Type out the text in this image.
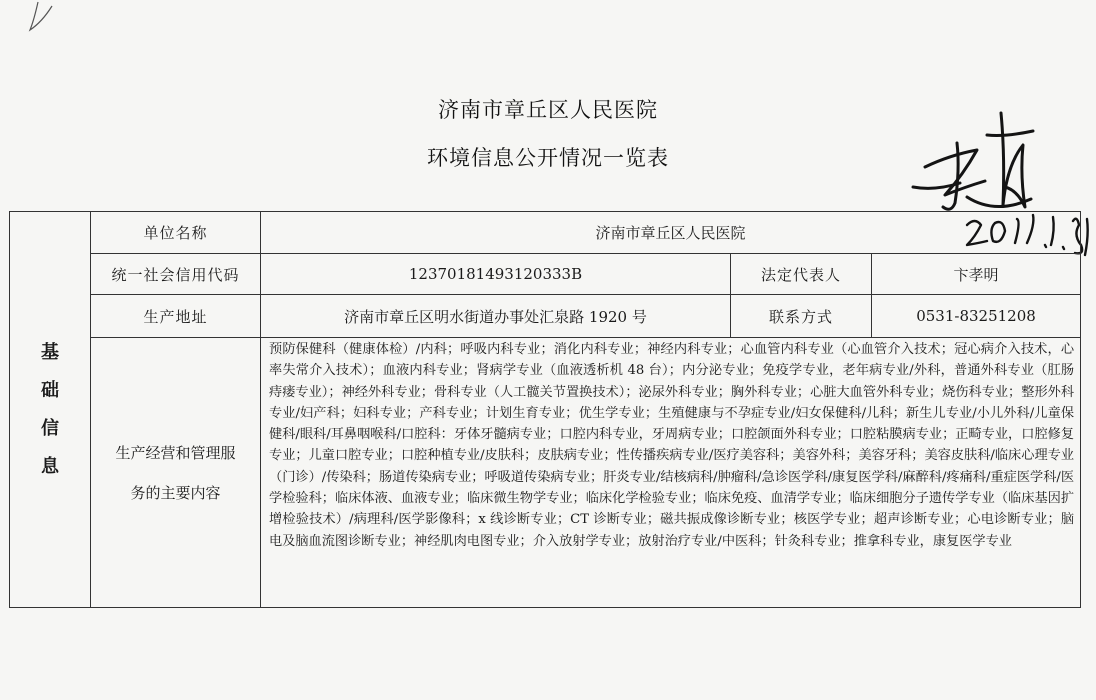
济南市章丘区人民医院
环境信息公开情况一览表
基
础
信
息	单位名称	济南市章丘区人民医院		
	统一社会信用代码	12370181493120333B	法定代表人	卞孝明
	生产地址	济南市章丘区明水街道办事处汇泉路 1920 号	联系方式	0531-83251208

	生产经营和管理服
务的主要内容	预防保健科（健康体检）/内科；呼吸内科专业；消化内科专业；神经内科专业；心血管内科专业（心血管介入技术；冠心病介入技术，心率失常介入技术）；血液内科专业；肾病学专业（血液透析机 48 台）；内分泌专业；免疫学专业，老年病专业/外科，普通外科专业（肛肠痔瘘专业）；神经外科专业；骨科专业（人工髋关节置换技术）；泌尿外科专业；胸外科专业；心脏大血管外科专业；烧伤科专业；整形外科专业/妇产科；妇科专业；产科专业；计划生育专业；优生学专业；生殖健康与不孕症专业/妇女保健科/儿科；新生儿专业/小儿外科/儿童保健科/眼科/耳鼻咽喉科/口腔科：牙体牙髓病专业；口腔内科专业，牙周病专业；口腔颌面外科专业；口腔粘膜病专业；正畸专业，口腔修复专业；儿童口腔专业；口腔种植专业/皮肤科；皮肤病专业；性传播疾病专业/医疗美容科；美容外科；美容牙科；美容皮肤科/临床心理专业（门诊）/传染科；肠道传染病专业；呼吸道传染病专业；肝炎专业/结核病科/肿瘤科/急诊医学科/康复医学科/麻醉科/疼痛科/重症医学科/医学检验科；临床体液、血液专业；临床微生物学专业；临床化学检验专业；临床免疫、血清学专业；临床细胞分子遗传学专业（临床基因扩增检验技术）/病理科/医学影像科；x 线诊断专业；CT 诊断专业；磁共振成像诊断专业；核医学专业；超声诊断专业；心电诊断专业；脑电及脑血流图诊断专业；神经肌肉电图专业；介入放射学专业；放射治疗专业/中医科；针灸科专业；推拿科专业，康复医学专业		
